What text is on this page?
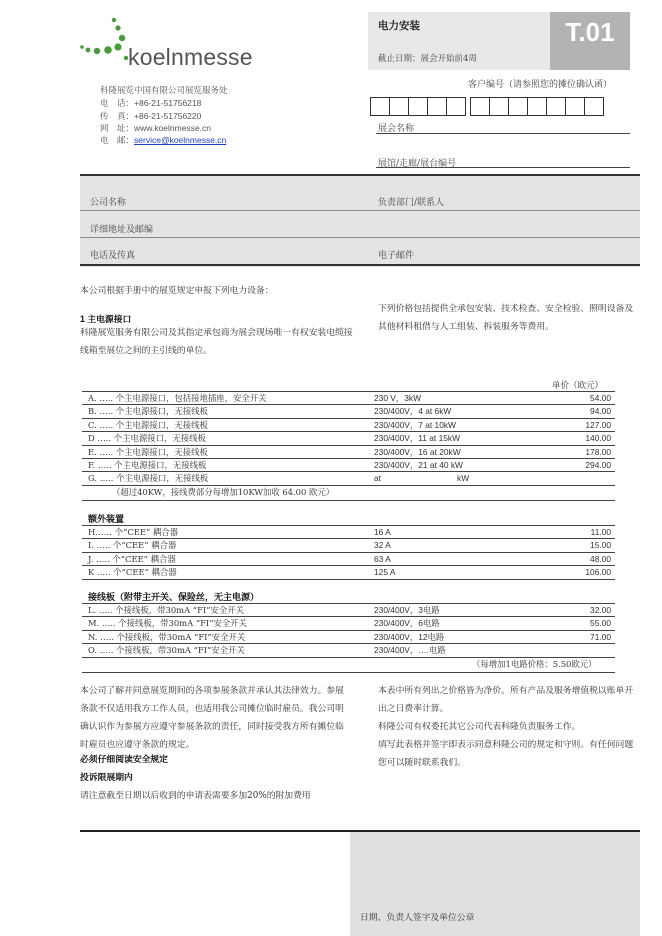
koelnmesse
科隆展览中国有限公司展览服务处
电　话：+86-21-51756218
传　真：+86-21-51756220
网　址：www.koelnmesse.cn
电　邮：service@koelnmesse.cn
电力安装
截止日期：展会开始前4周
T.01
客户编号（请参照您的摊位确认函）
展会名称
展馆/走廊/展台编号
公司名称	负责部门/联系人
详细地址及邮编
电话及传真	电子邮件
本公司根据手册中的展览规定申报下列电力设备：
1 主电源接口
科隆展览服务有限公司及其指定承包商为展会现场唯一有权安装电缆接线箱至展位之间的主引线的单位。
下列价格包括提供全承包安装、技术检查、安全检验、照明设备及其他材料租借与人工组装、拆装服务等费用。
单价（欧元）
A. ….. 个主电源接口，包括接地插座，安全开关	230 V，3kW	54.00
B. ….. 个主电源接口，无接线板	230/400V，4 at 6kW	94.00
C. ….. 个主电源接口，无接线板	230/400V，7 at 10kW	127.00
D ….. 个主电源接口，无接线板	230/400V，11 at 15kW	140.00
E. ….. 个主电源接口，无接线板	230/400V，16 at 20kW	178.00
F. ….. 个主电源接口，无接线板	230/400V，21 at 40 kW	294.00
G. ….. 个主电源接口，无接线板	at	kW
（超过40KW，接线费部分每增加10KW加收 64.00 欧元）
额外装置
H…… 个“CEE” 耦合器	16 A	11.00
I. ….. 个“CEE” 耦合器	32 A	15.00
J. ….. 个“CEE” 耦合器	63 A	48.00
K ….. 个“CEE” 耦合器	125 A	106.00
接线板（附带主开关、保险丝，无主电源）
L. ….. 个接线板，带30mA “FI”安全开关	230/400V，3电路	32.00
M. ….. 个接线板，带30mA “FI”安全开关	230/400V，6电路	55.00
N. ….. 个接线板，带30mA “FI”安全开关	230/400V，12电路	71.00
O. ….. 个接线板，带30mA “FI”安全开关	230/400V，….电路
（每增加1电路价格：5.50欧元）
本公司了解并同意展览期间的各项参展条款并承认其法律效力。参展条款不仅适用我方工作人员，也适用我公司摊位临时雇员。我公司明确认识作为参展方应遵守参展条款的责任，同时接受我方所有摊位临时雇员也应遵守条款的规定。
必须仔细阅读安全规定
投诉限展期内
请注意截至日期以后收到的申请表需要多加20%的附加费用
本表中所有列出之价格皆为净价。所有产品及服务增值税以账单开出之日费率计算。
科隆公司有权委托其它公司代表科隆负责服务工作。
填写此表格并签字即表示同意科隆公司的规定和守则。有任何问题您可以随时联系我们。
日期、负责人签字及单位公章
